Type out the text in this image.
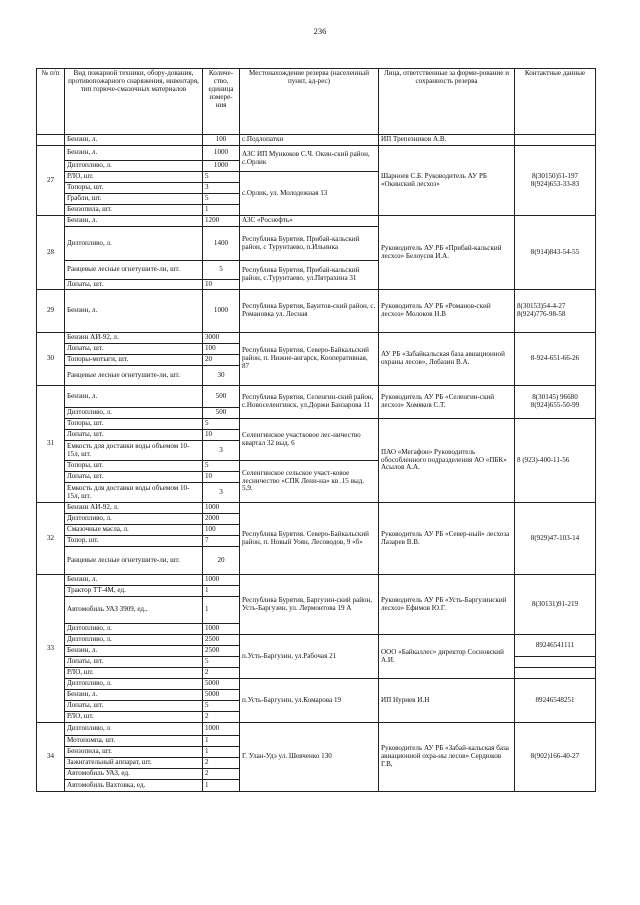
236
№ п/п	Вид пожарной техники, обору-дования, противопожарного снаряжения, инвентаря, тип горюче-смазочных материалов	Количе-ство, единица измере-ния	Местонахождение резерва (населенный пункт, ад-рес)	Лица, ответственные за форми-рование и сохранность резерва	Контактные данные
	Бензин, л.	100	с.Подлопатки	ИП Трепезников А.В.	
27	Бензин, л.	1000	АЗС ИП Мункоков С.Ч. Окин-ский район, с.Орлик	Шарноев С.Б. Руководитель АУ РБ «Окинский лесхоз»	8(30150)51-197 8(924)653-33-83
	Дизтопливо, л.	1000			
	РЛО, шт.	5	с.Орлик, ул. Молодежная 13		
	Топоры, шт.	3			
	Грабли, шт.	5			
	Бензопила, шт.	1			
28	Бензин, л.	1200	АЗС «Роснефть»	Руководитель АУ РБ «Прибай-кальский лесхоз» Белоусов И.А.	8(914)843-54-55
	Дизтопливо, л.	1400	Республика Бурятия, Прибай-кальский район, с Турунтаево, п.Ильинка		
	Ранцевые лесные огнетушите-ли, шт.	5	Республика Бурятия, Прибай-кальский район, с.Турунтаево, ул.Пятрахина 31		
	Лопаты, шт.	10			
29	Бензин, л.	1000	Республика Бурятия, Баунтов-ский район, с. Романовка ул. Лесная	Руководитель АУ РБ «Романов-ский лесхоз» Молоков Н.В	8(30153)54-4-27 8(924)776-98-58
30	Бензин АИ-92, л.	3000	Республика Бурятия, Северо-Байкальский район, п. Нижне-ангарск, Кооперативная, 87	АУ РБ «Забайкальская база авиационной охраны лесов», Лобазин В.А.	8-924-651-66-26
	Лопаты, шт.	100			
	Топоры-мотыги, шт.	20			
	Ранцевые лесные огнетушите-ли, шт.	30			
31	Бензин, л.	500	Республика Бурятия, Селенгин-ский район, с.Новоселенгинск, ул.Доржи Банзарова 11	Руководитель АУ РБ «Селенгин-ский лесхоз» Хомяков С.Т.	8(30145) 96680 8(924)655-50-99
	Дизтопливо, л.	500			
	Топоры, шт.	5	Селенгинское участковое лес-ничество квартал 32 выд. 6	ПАО «Мегафон» Руководитель обособленного подразделения АО «ПБК» Асылов А.А.	8 (923)-400-11-56
	Лопаты, шт.	10			
	Емкость для доставки воды объемом 10-15л, шт.	3			
	Топоры, шт.	5	Селенгинское сельское участ-ковое лесничество «СПК Лени-на» кв .15 выд. 5,9.		
	Лопаты, шт.	10			
	Емкость для доставки воды объемом 10-15л, шт.	3			
32	Бензин АИ-92, л.	1000	Республика Бурятия. Северо-Байкальский район, п. Новый Уоян, Лесоводов, 9 «б»	Руководитель АУ РБ «Север-ный» лесхоза Лазарев В.В.	8(929)47-103-14
	Дизтопливо, л.	2000			
	Смазочные масла, л.	100			
	Топор, шт.	7			
	Ранцевые лесные огнетушите-ли, шт.	20			
33	Бензин, л.	1000	Республика Бурятия, Баргузин-ский район, Усть-Баргузин, ул. Лермонтова 19 А	Руководитель АУ РБ «Усть-Баргузинский лесхоз» Ефимов Ю.Г.	8(30131)91-219
	Трактор ТТ-4М, ед.	1			
	Автомобиль УАЗ 3909, ед.,	1			
	Дизтопливо, л.	1000			
	Дизтопливо, л.	2500	п.Усть-Баргузин, ул.Рабочая 21	ООО «Байкаллес» директор Сосновский А.И.	89246541111
	Бензин, л.	2500			
	Лопаты, шт.	5			
	РЛО, шт.	2			
	Дизтопливо, л.	5000	п.Усть-Баргузин, ул.Комарова 19	ИП Нуриев И.Н	89246548251
	Бензин, л.	5000			
	Лопаты, шт.	5			
	РЛО, шт.	2			
34	Дизтопливо, л	1000	Г. Улан-Удэ ул. Шевченко 130	Руководитель АУ РБ «Забай-кальская база авиационной охра-ны лесов» Сердюков Г.В,	8(902)166-40-27
	Мотопомпа, шт.	1			
	Бензопила, шт.	1			
	Зажигательный аппарат, шт.	2			
	Автомобиль УАЗ, ед.	2			
	Автомобиль Вахтовка, ед.	1			
